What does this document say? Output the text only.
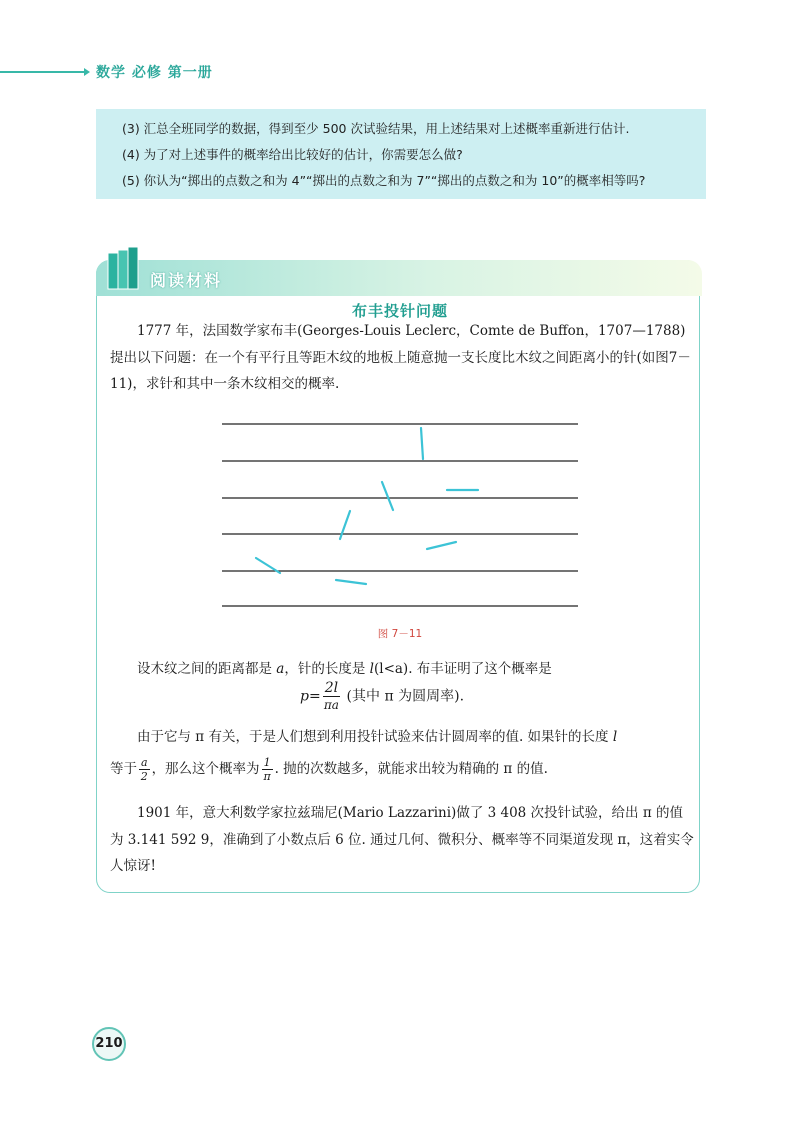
数学 必修 第一册
(3) 汇总全班同学的数据，得到至少 500 次试验结果，用上述结果对上述概率重新进行估计.
(4) 为了对上述事件的概率给出比较好的估计，你需要怎么做?
(5) 你认为“掷出的点数之和为 4”“掷出的点数之和为 7”“掷出的点数之和为 10”的概率相等吗?
阅读材料
布丰投针问题

1777 年，法国数学家布丰(Georges-Louis Leclerc，Comte de Buffon，1707—1788)提出以下问题：在一个有平行且等距木纹的地板上随意抛一支长度比木纹之间距离小的针(如图7－11)，求针和其中一条木纹相交的概率.

图 7－11

设木纹之间的距离都是 a，针的长度是 l(l<a). 布丰证明了这个概率是

$p= \frac{2l}{\pi a}$ (其中 π 为圆周率).

由于它与 π 有关，于是人们想到利用投针试验来估计圆周率的值. 如果针的长度 l

等于 $\frac{a}{2}$ ，那么这个概率为 $\frac{1}{\pi}$ . 抛的次数越多，就能求出较为精确的 π 的值.

1901 年，意大利数学家拉兹瑞尼(Mario Lazzarini)做了 3 408 次投针试验，给出 π 的值为 3.141 592 9，准确到了小数点后 6 位. 通过几何、微积分、概率等不同渠道发现 π，这着实令人惊讶!

210
